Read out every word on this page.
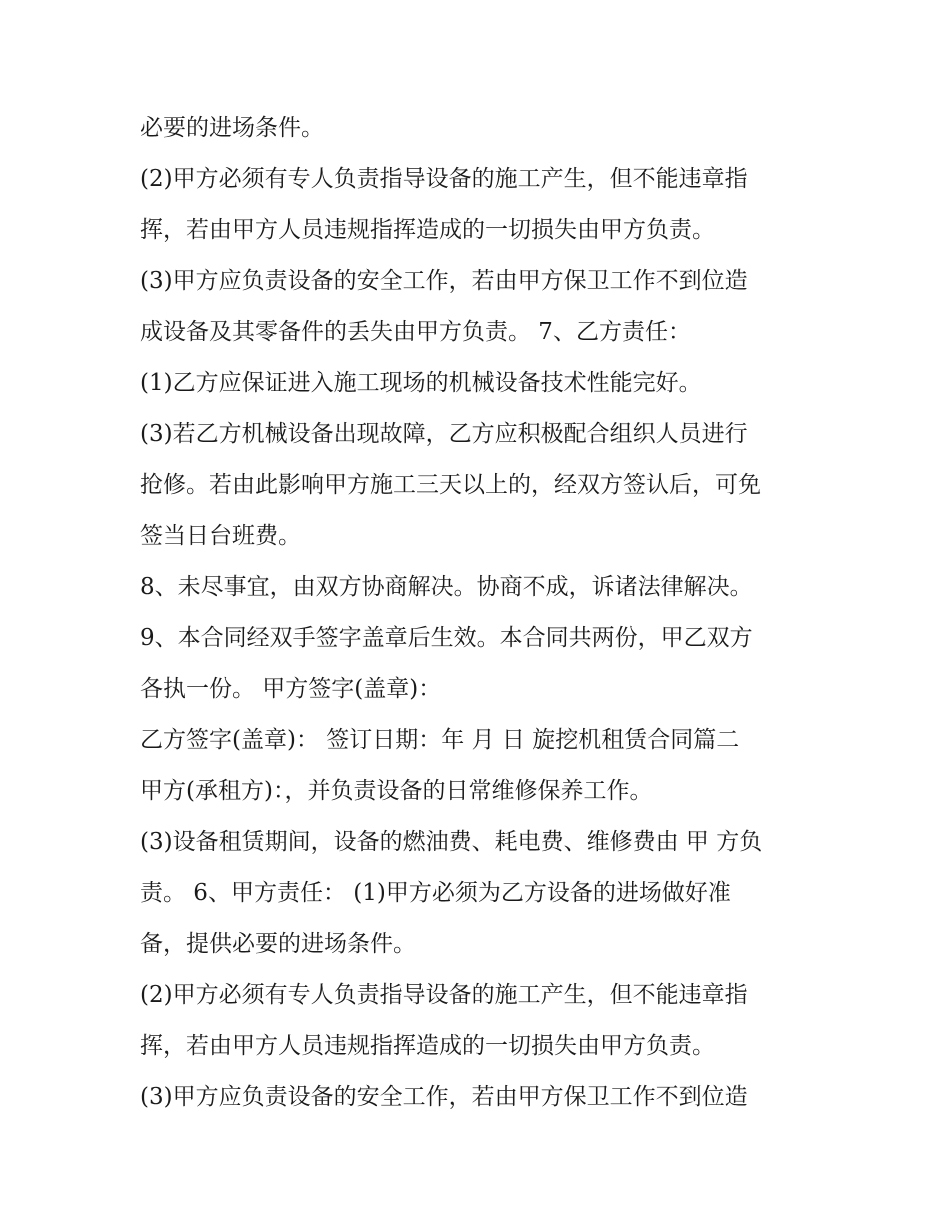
必要的进场条件。
(2)甲方必须有专人负责指导设备的施工产生，但不能违章指
挥，若由甲方人员违规指挥造成的一切损失由甲方负责。
(3)甲方应负责设备的安全工作，若由甲方保卫工作不到位造
成设备及其零备件的丢失由甲方负责。 7、乙方责任：
(1)乙方应保证进入施工现场的机械设备技术性能完好。
(3)若乙方机械设备出现故障，乙方应积极配合组织人员进行
抢修。若由此影响甲方施工三天以上的，经双方签认后，可免
签当日台班费。
8、未尽事宜，由双方协商解决。协商不成，诉诸法律解决。
9、本合同经双手签字盖章后生效。本合同共两份，甲乙双方
各执一份。 甲方签字(盖章)：
乙方签字(盖章)： 签订日期：年 月 日 旋挖机租赁合同篇二
甲方(承租方)：，并负责设备的日常维修保养工作。
(3)设备租赁期间，设备的燃油费、耗电费、维修费由 甲 方负
责。 6、甲方责任： (1)甲方必须为乙方设备的进场做好准
备，提供必要的进场条件。
(2)甲方必须有专人负责指导设备的施工产生，但不能违章指
挥，若由甲方人员违规指挥造成的一切损失由甲方负责。
(3)甲方应负责设备的安全工作，若由甲方保卫工作不到位造
